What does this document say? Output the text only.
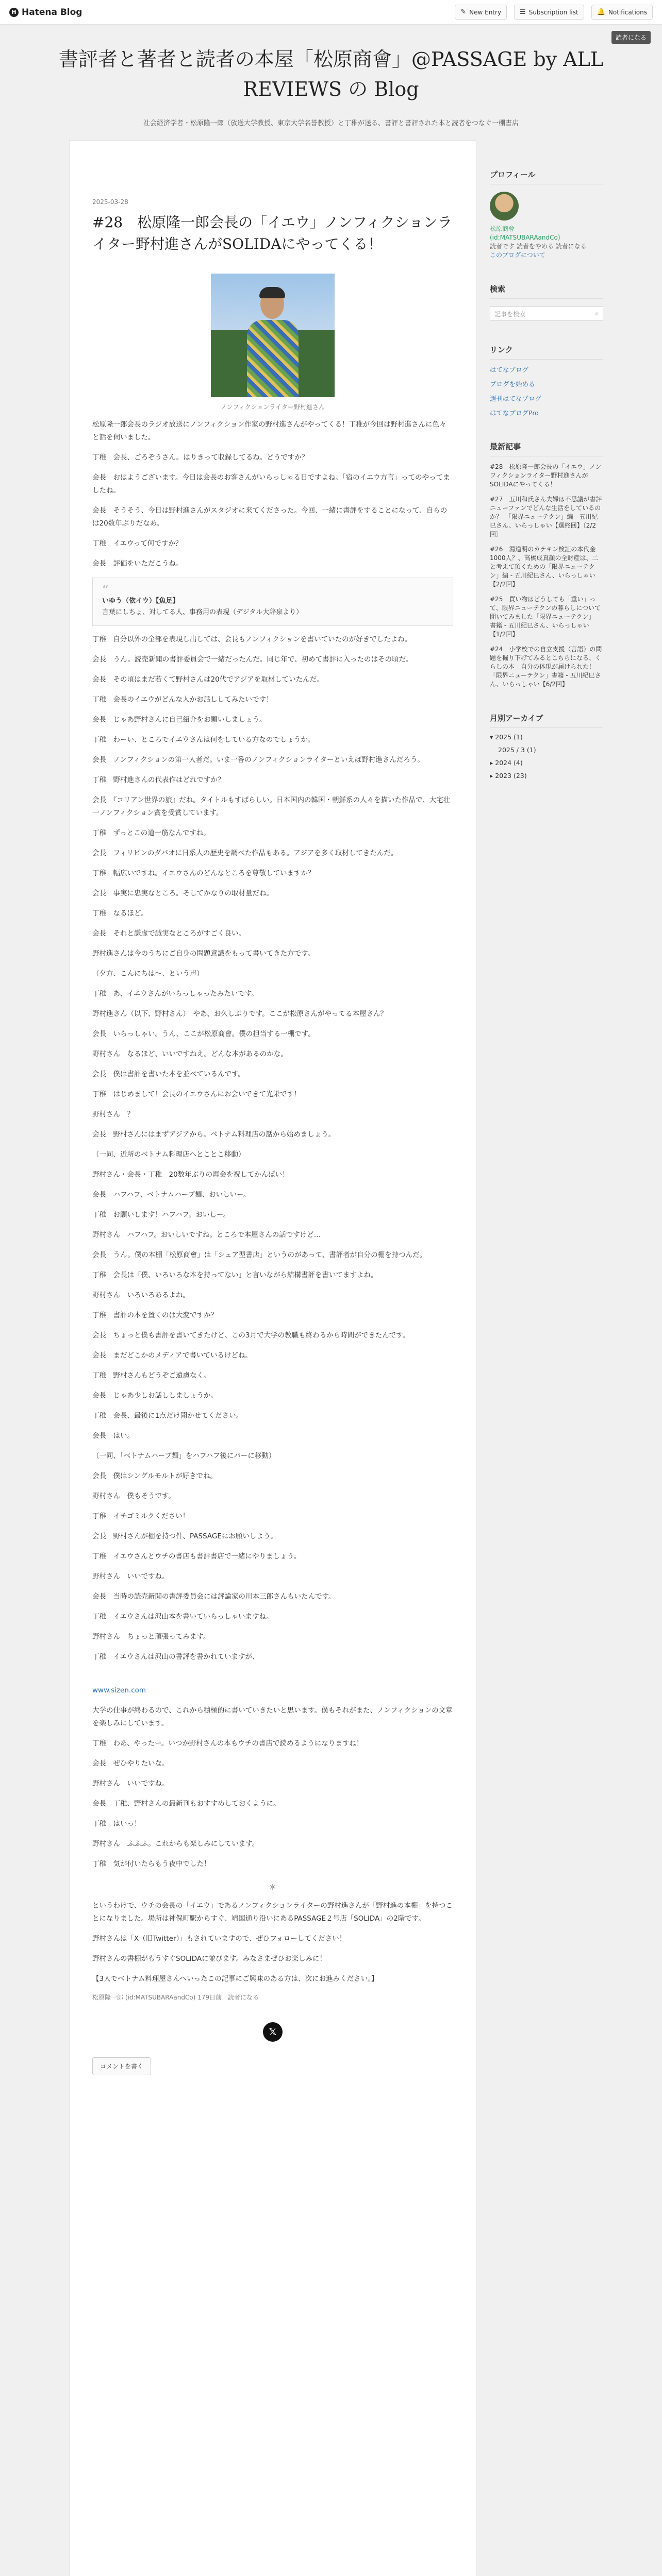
H Hatena Blog	✎ New Entry	☰ Subscription list	🔔 Notifications
読者になる
書評者と著者と読者の本屋「松原商會」@PASSAGE by ALL REVIEWS の Blog
社会経済学者・松原隆一郎（放送大学教授、東京大学名誉教授）と丁稚が送る、書評と書評された本と読者をつなぐ一棚書店
2025-03-28
#28　松原隆一郎会長の「イエウ」ノンフィクションライター野村進さんがSOLIDAにやってくる！
ノンフィクションライター野村進さん
松原隆一郎会長のラジオ放送にノンフィクション作家の野村進さんがやってくる！丁稚が今回は野村進さんに色々と話を伺いました。
丁稚　会長、ごろぞうさん。はりきって収録してるね。どうですか？
会長　おはようございます。今日は会長のお客さんがいらっしゃる日ですよね。「宿のイエウ方言」ってのやってましたね。
会長　そうそう、今日は野村進さんがスタジオに来てくださった。今回、一緒に書評をすることになって、自らのは20数年ぶりだなあ。
丁稚　イエウって何ですか？
会長　評価をいただこうね。
“
いゆう（依イウ）【魚足】
言葉にしちょ、対してる人、事務用の表現（デジタル大辞泉より）
丁稚　自分以外の全部を表現し出しては、会長もノンフィクションを書いていたのが好きでしたよね。
会長　うん。読売新聞の書評委員会で一緒だったんだ。同じ年で、初めて書評に入ったのはその頃だ。
会長　その頃はまだ若くて野村さんは20代でアジアを取材していたんだ。
丁稚　会長のイエウがどんな人かお話ししてみたいです！
会長　じゃあ野村さんに自己紹介をお願いしましょう。
丁稚　わーい、ところでイエウさんは何をしている方なのでしょうか。
会長　ノンフィクションの第一人者だ。いま一番のノンフィクションライターといえば野村進さんだろう。
丁稚　野村進さんの代表作はどれですか？
会長　『コリアン世界の旅』だね。タイトルもすばらしい。日本国内の韓国・朝鮮系の人々を描いた作品で、大宅壮一ノンフィクション賞を受賞しています。
丁稚　ずっとこの道一筋なんですね。
会長　フィリピンのダバオに日系人の歴史を調べた作品もある。アジアを多く取材してきたんだ。
丁稚　幅広いですね。イエウさんのどんなところを尊敬していますか？
会長　事実に忠実なところ。そしてかなりの取材量だね。
丁稚　なるほど。
会長　それと謙虚で誠実なところがすごく良い。
野村進さんは今のうちにご自身の問題意識をもって書いてきた方です。
（夕方、こんにちは～、という声）
丁稚　あ、イエウさんがいらっしゃったみたいです。
野村進さん（以下、野村さん）　やあ、お久しぶりです。ここが松原さんがやってる本屋さん？
会長　いらっしゃい。うん、ここが松原商會。僕の担当する一棚です。
野村さん　なるほど、いいですねえ。どんな本があるのかな。
会長　僕は書評を書いた本を並べているんです。
丁稚　はじめまして！会長のイエウさんにお会いできて光栄です！
野村さん　？
会長　野村さんにはまずアジアから。ベトナム料理店の話から始めましょう。
（一同、近所のベトナム料理店へとことこ移動）
野村さん・会長・丁稚　20数年ぶりの再会を祝してかんぱい！
会長　ハフハフ、ベトナムハーブ麺、おいしいー。
丁稚　お願いします！ハフハフ。おいしー。
野村さん　ハフハフ。おいしいですね。ところで本屋さんの話ですけど…
会長　うん。僕の本棚「松原商會」は「シェア型書店」というのがあって、書評者が自分の棚を持つんだ。
丁稚　会長は「僕、いろいろな本を持ってない」と言いながら結構書評を書いてますよね。
野村さん　いろいろあるよね。
丁稚　書評の本を置くのは大変ですか？
会長　ちょっと僕も書評を書いてきたけど、この3月で大学の教職も終わるから時間ができたんです。
会長　まだどこかのメディアで書いているけどね。
丁稚　野村さんもどうぞご遠慮なく。
会長　じゃあ少しお話ししましょうか。
丁稚　会長、最後に1点だけ聞かせてください。
会長　はい。
（一同、「ベトナムハーブ麺」をハフハフ後にバーに移動）
会長　僕はシングルモルトが好きでね。
野村さん　僕もそうです。
丁稚　イチゴミルクください！
会長　野村さんが棚を持つ件、PASSAGEにお願いしよう。
丁稚　イエウさんとウチの書店も書評書店で一緒にやりましょう。
野村さん　いいですね。
会長　当時の読売新聞の書評委員会には評論家の川本三郎さんもいたんです。
丁稚　イエウさんは沢山本を書いていらっしゃいますね。
野村さん　ちょっと頑張ってみます。
丁稚　イエウさんは沢山の書評を書かれていますが、
www.sizen.com
大学の仕事が終わるので、これから積極的に書いていきたいと思います。僕もそれがまた、ノンフィクションの文章を楽しみにしています。
丁稚　わあ、やったー。いつか野村さんの本もウチの書店で読めるようになりますね！
会長　ぜひやりたいな。
野村さん　いいですね。
会長　丁稚、野村さんの最新刊もおすすめしておくように。
丁稚　はいっ！
野村さん　ふふふ。これからも楽しみにしています。
丁稚　気が付いたらもう夜中でした！
＊
というわけで、ウチの会長の「イエウ」であるノンフィクションライターの野村進さんが「野村進の本棚」を持つことになりました。場所は神保町駅からすぐ、靖国通り沿いにあるPASSAGE２号店「SOLIDA」の2階です。
野村さんは「X（旧Twitter）」もされていますので、ぜひフォローしてください！
野村さんの書棚がもうすぐSOLIDAに並びます。みなさまぜひお楽しみに！
【3人でベトナム料理屋さんへいったこの記事にご興味のある方は、次にお進みください。】
松原隆一郎 (id:MATSUBARAandCo) 179日前　読者になる
𝕏
コメントを書く
プロフィール
松原商會
(id:MATSUBARAandCo)
読者です 読者をやめる 読者になる
このブログについて
検索
記事を検索	⌕
リンク
はてなブログ
ブログを始める
週刊はてなブログ
はてなブログPro
最新記事
#28　松原隆一郎会長の「イエウ」ノンフィクションライター野村進さんがSOLIDAにやってくる！
#27　五川和氏さん夫婦は不思議が書評ニューファンでどんな生活をしているのか？　「限界ニューテクン」編 - 五川紀巳さん、いらっしゃい【選終回】〔2/2回〕
#26　湯道明のカテキン検証の本代金1000人？、高橋成真顔の全財産は、二と考えて頂くための「限界ニューテクン」編 - 五川紀巳さん、いらっしゃい【2/2回】
#25　買い物はどうしても「重い」って、限界ニューテクンの暮らしについて聞いてみました「限界ニューテクン」　書籍 - 五川紀巳さん、いらっしゃい【1/2回】
#24　小学校での自立支援（言語）の問題を掘り下げてみるとこちらになる、くらしの本　自分の体現が届けられた！「限界ニューテクン」書籍 - 五川紀巳さん、いらっしゃい【6/2回】
月別アーカイブ
▾ 2025 (1)
2025 / 3 (1)
▸ 2024 (4)
▸ 2023 (23)
